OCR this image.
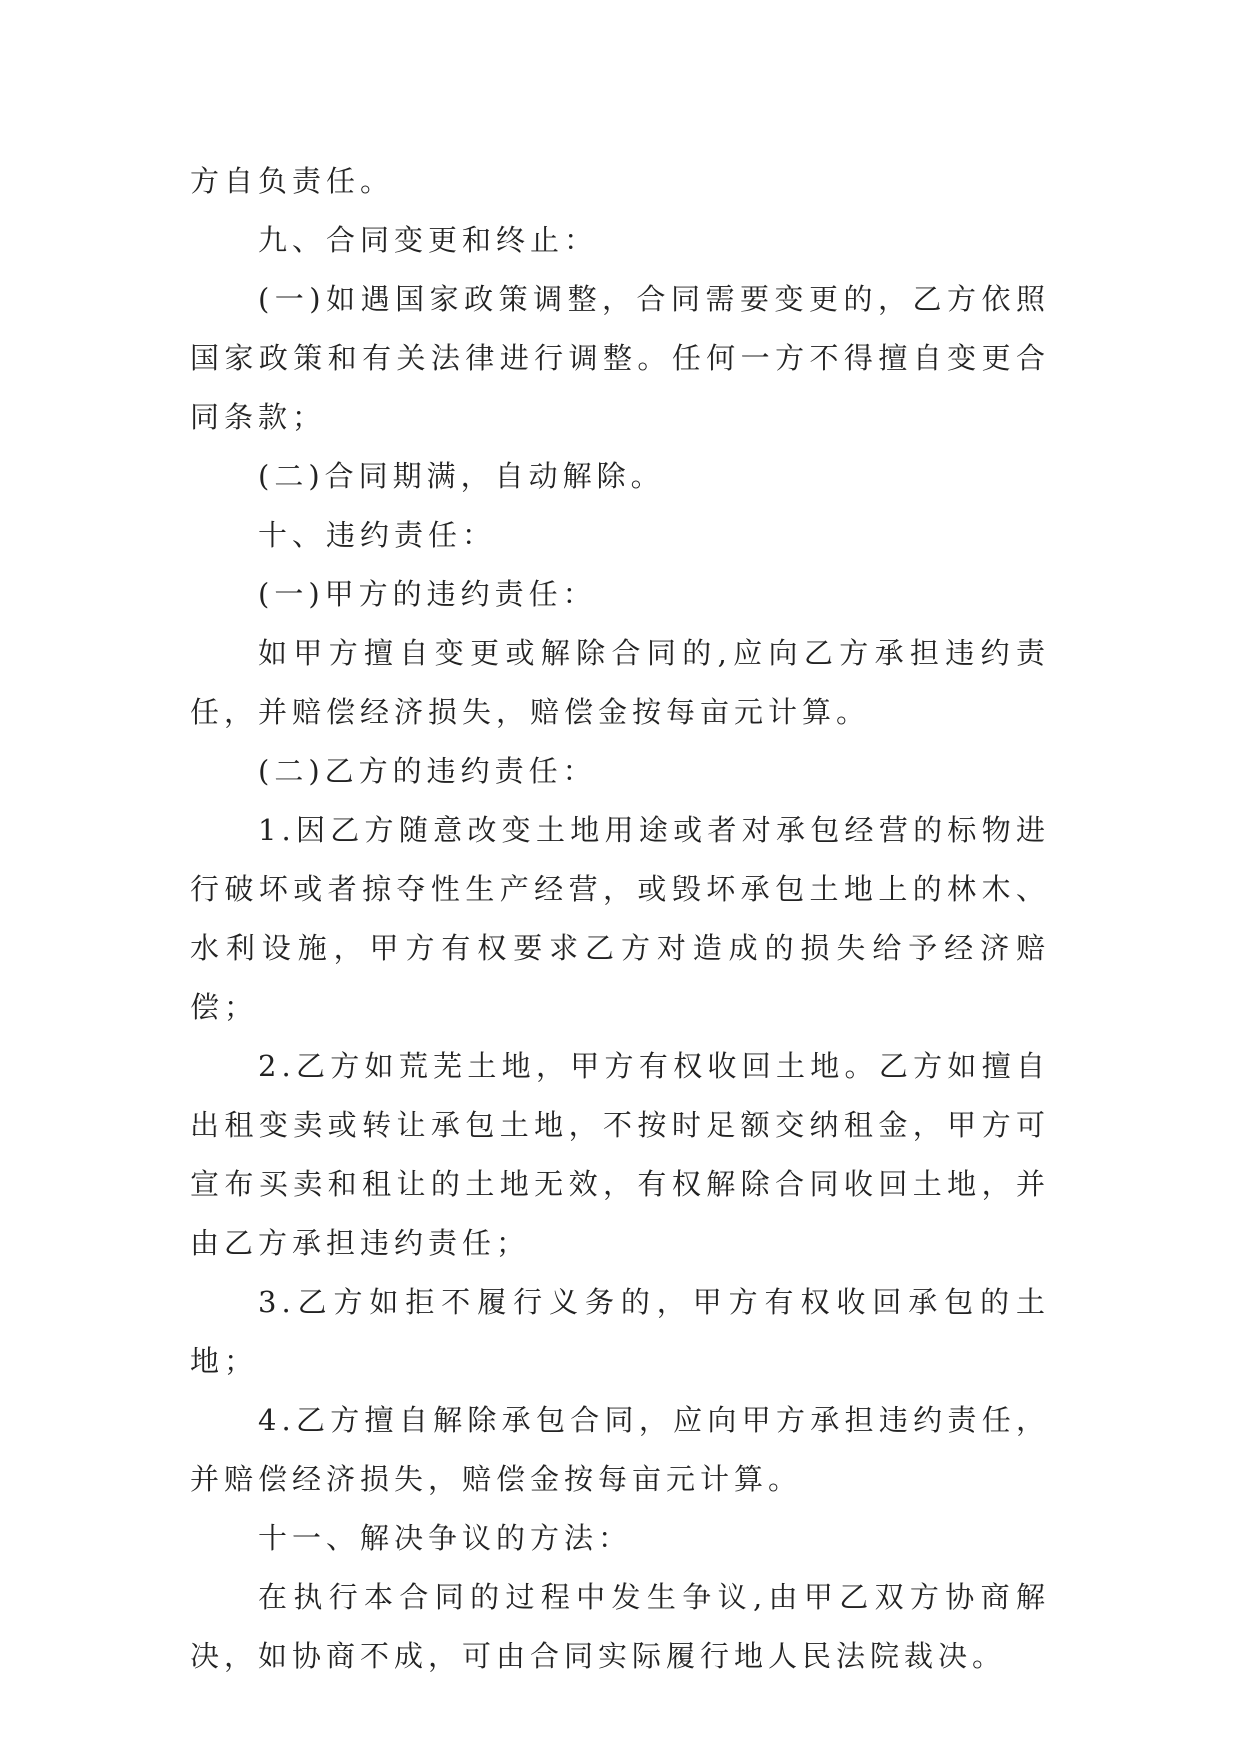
方自负责任。

九、合同变更和终止：

(一)如遇国家政策调整，合同需要变更的，乙方依照国家政策和有关法律进行调整。任何一方不得擅自变更合同条款；

(二)合同期满，自动解除。

十、违约责任：

(一)甲方的违约责任：

如甲方擅自变更或解除合同的,应向乙方承担违约责任，并赔偿经济损失，赔偿金按每亩元计算。

(二)乙方的违约责任：

1.因乙方随意改变土地用途或者对承包经营的标物进行破坏或者掠夺性生产经营，或毁坏承包土地上的林木、水利设施，甲方有权要求乙方对造成的损失给予经济赔偿；

2.乙方如荒芜土地，甲方有权收回土地。乙方如擅自出租变卖或转让承包土地，不按时足额交纳租金，甲方可宣布买卖和租让的土地无效，有权解除合同收回土地，并由乙方承担违约责任；

3.乙方如拒不履行义务的，甲方有权收回承包的土地；

4.乙方擅自解除承包合同，应向甲方承担违约责任，并赔偿经济损失，赔偿金按每亩元计算。

十一、解决争议的方法：

在执行本合同的过程中发生争议,由甲乙双方协商解决，如协商不成，可由合同实际履行地人民法院裁决。
